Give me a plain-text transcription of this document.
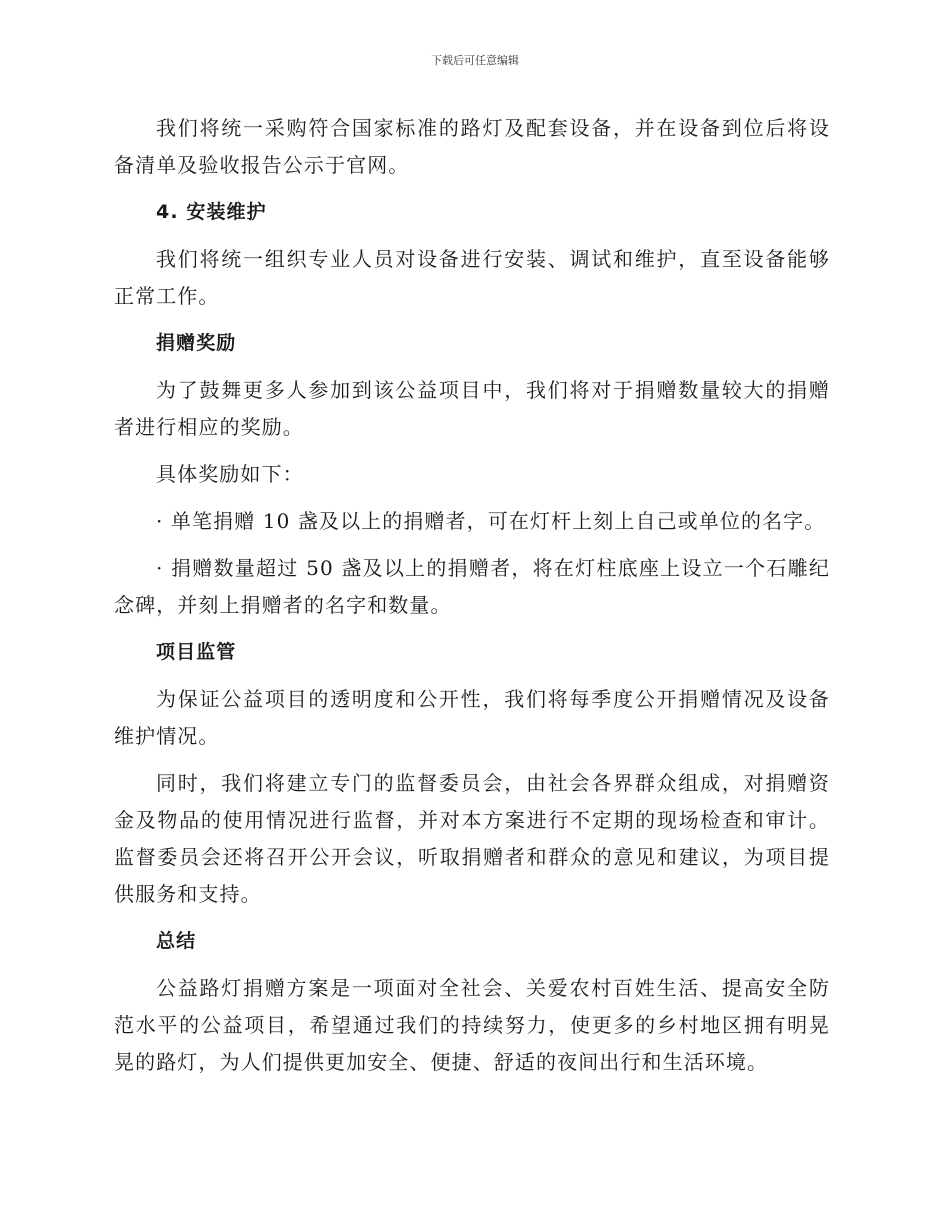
下载后可任意编辑

我们将统一采购符合国家标准的路灯及配套设备，并在设备到位后将设备清单及验收报告公示于官网。

4. 安装维护

我们将统一组织专业人员对设备进行安装、调试和维护，直至设备能够正常工作。

捐赠奖励

为了鼓舞更多人参加到该公益项目中，我们将对于捐赠数量较大的捐赠者进行相应的奖励。

具体奖励如下：

· 单笔捐赠 10 盏及以上的捐赠者，可在灯杆上刻上自己或单位的名字。

· 捐赠数量超过 50 盏及以上的捐赠者，将在灯柱底座上设立一个石雕纪念碑，并刻上捐赠者的名字和数量。

项目监管

为保证公益项目的透明度和公开性，我们将每季度公开捐赠情况及设备维护情况。

同时，我们将建立专门的监督委员会，由社会各界群众组成，对捐赠资金及物品的使用情况进行监督，并对本方案进行不定期的现场检查和审计。监督委员会还将召开公开会议，听取捐赠者和群众的意见和建议，为项目提供服务和支持。

总结

公益路灯捐赠方案是一项面对全社会、关爱农村百姓生活、提高安全防范水平的公益项目，希望通过我们的持续努力，使更多的乡村地区拥有明晃晃的路灯，为人们提供更加安全、便捷、舒适的夜间出行和生活环境。
